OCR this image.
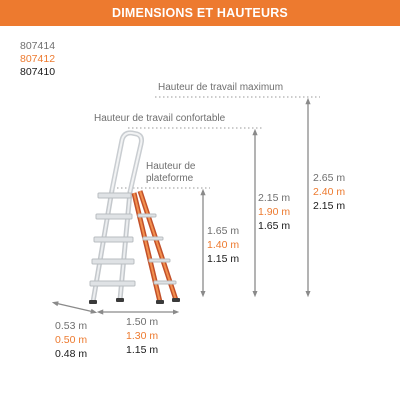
DIMENSIONS ET HAUTEURS
807414
807412
807410
Hauteur de travail maximum
Hauteur de travail confortable
Hauteur de
plateforme	2.65 m
2.40 m
2.15 m
2.15 m
1.90 m
1.65 m
1.65 m
1.40 m
1.15 m
1.50 m
1.30 m
1.15 m
0.53 m
0.50 m
0.48 m
